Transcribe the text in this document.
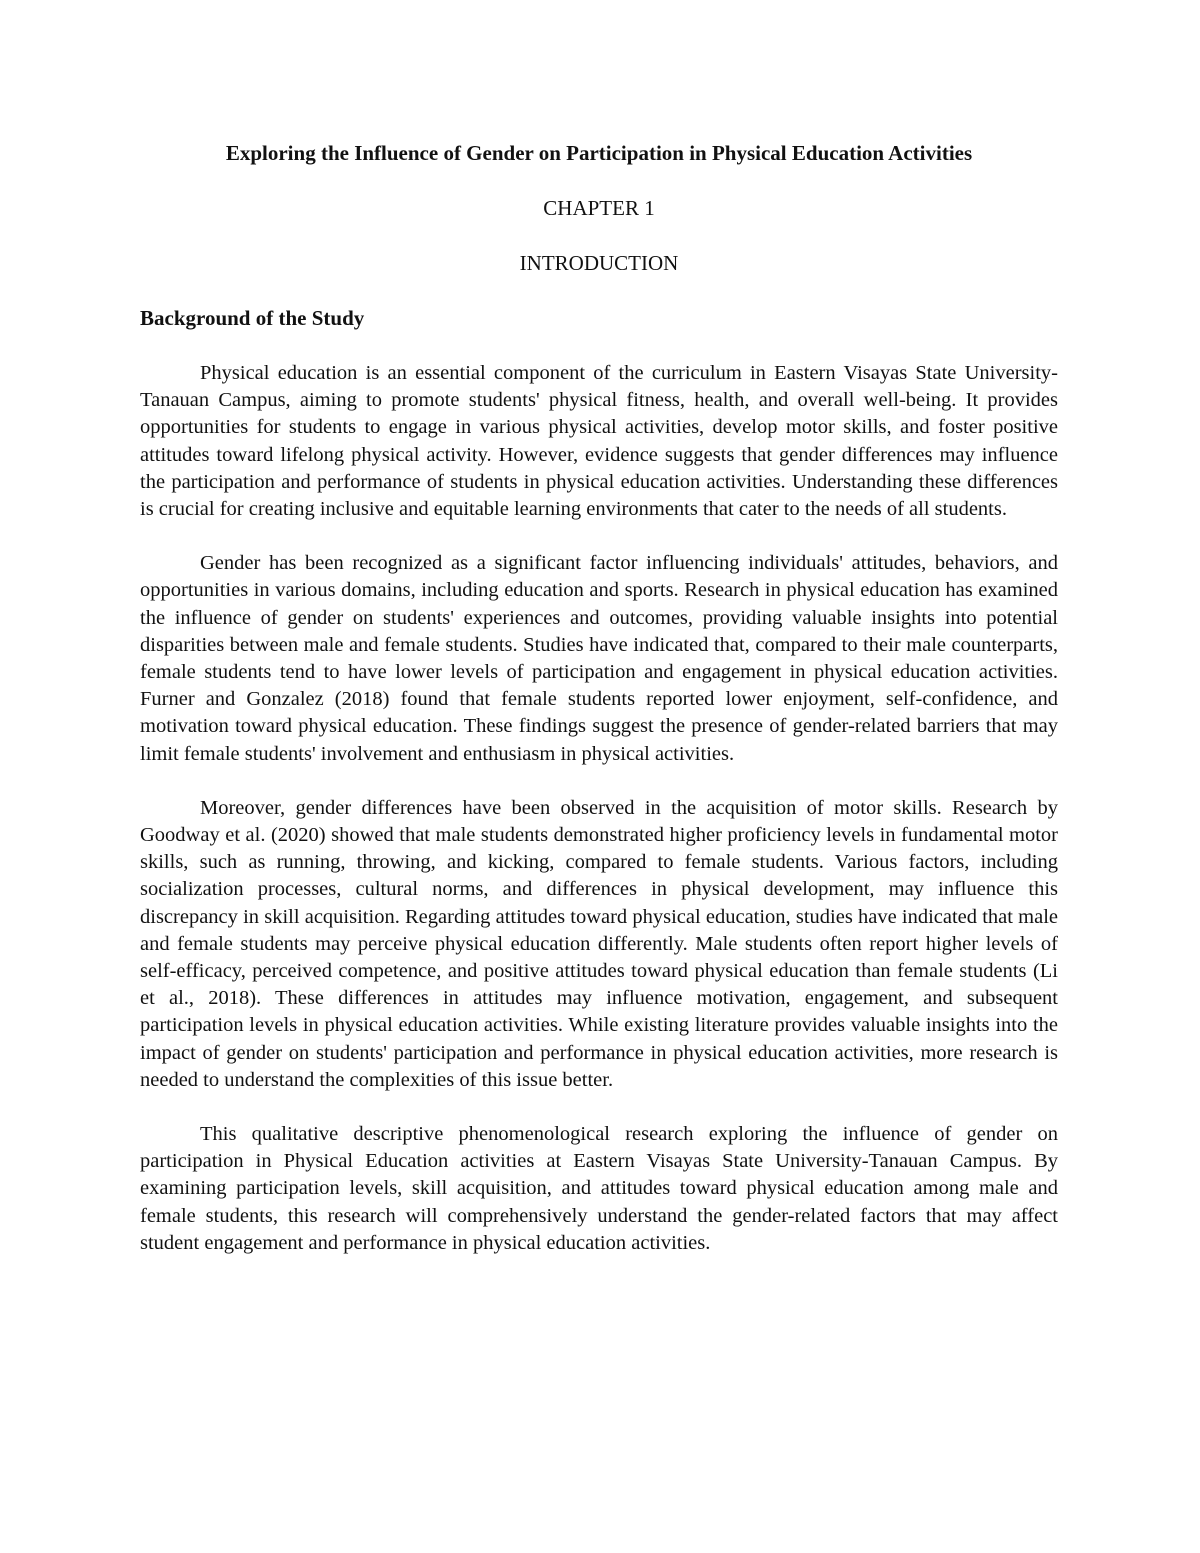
Exploring the Influence of Gender on Participation in Physical Education Activities

CHAPTER 1

INTRODUCTION

Background of the Study

Physical education is an essential component of the curriculum in Eastern Visayas State University-Tanauan Campus, aiming to promote students' physical fitness, health, and overall well-being. It provides opportunities for students to engage in various physical activities, develop motor skills, and foster positive attitudes toward lifelong physical activity. However, evidence suggests that gender differences may influence the participation and performance of students in physical education activities. Understanding these differences is crucial for creating inclusive and equitable learning environments that cater to the needs of all students.

Gender has been recognized as a significant factor influencing individuals' attitudes, behaviors, and opportunities in various domains, including education and sports. Research in physical education has examined the influence of gender on students' experiences and outcomes, providing valuable insights into potential disparities between male and female students. Studies have indicated that, compared to their male counterparts, female students tend to have lower levels of participation and engagement in physical education activities. Furner and Gonzalez (2018) found that female students reported lower enjoyment, self-confidence, and motivation toward physical education. These findings suggest the presence of gender-related barriers that may limit female students' involvement and enthusiasm in physical activities.

Moreover, gender differences have been observed in the acquisition of motor skills. Research by Goodway et al. (2020) showed that male students demonstrated higher proficiency levels in fundamental motor skills, such as running, throwing, and kicking, compared to female students. Various factors, including socialization processes, cultural norms, and differences in physical development, may influence this discrepancy in skill acquisition. Regarding attitudes toward physical education, studies have indicated that male and female students may perceive physical education differently. Male students often report higher levels of self-efficacy, perceived competence, and positive attitudes toward physical education than female students (Li et al., 2018). These differences in attitudes may influence motivation, engagement, and subsequent participation levels in physical education activities. While existing literature provides valuable insights into the impact of gender on students' participation and performance in physical education activities, more research is needed to understand the complexities of this issue better.

This qualitative descriptive phenomenological research exploring the influence of gender on participation in Physical Education activities at Eastern Visayas State University-Tanauan Campus. By examining participation levels, skill acquisition, and attitudes toward physical education among male and female students, this research will comprehensively understand the gender-related factors that may affect student engagement and performance in physical education activities.
